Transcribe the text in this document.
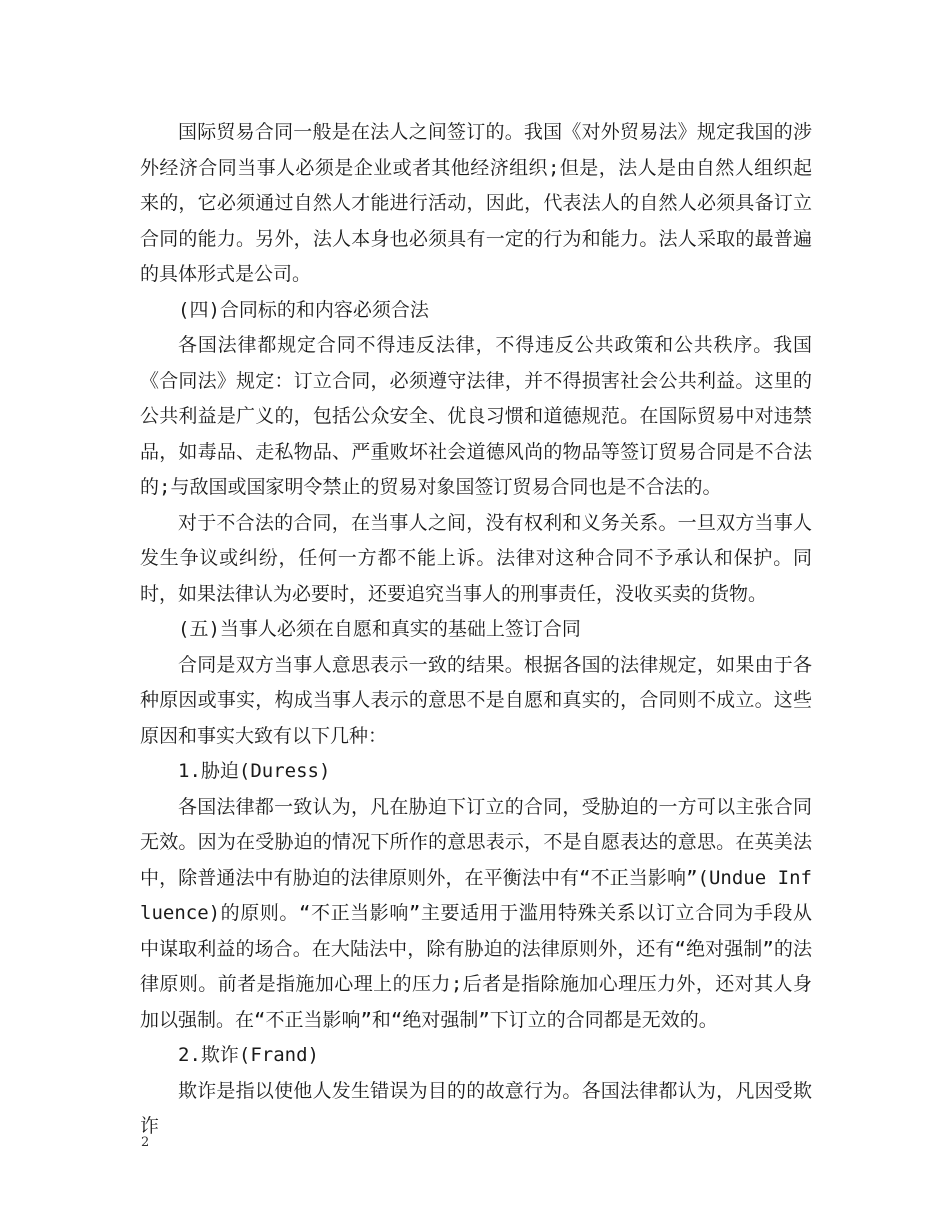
国际贸易合同一般是在法人之间签订的。我国《对外贸易法》规定我国的涉外经济合同当事人必须是企业或者其他经济组织;但是，法人是由自然人组织起来的，它必须通过自然人才能进行活动，因此，代表法人的自然人必须具备订立合同的能力。另外，法人本身也必须具有一定的行为和能力。法人采取的最普遍的具体形式是公司。

(四)合同标的和内容必须合法

各国法律都规定合同不得违反法律，不得违反公共政策和公共秩序。我国《合同法》规定：订立合同，必须遵守法律，并不得损害社会公共利益。这里的公共利益是广义的，包括公众安全、优良习惯和道德规范。在国际贸易中对违禁品，如毒品、走私物品、严重败坏社会道德风尚的物品等签订贸易合同是不合法的;与敌国或国家明令禁止的贸易对象国签订贸易合同也是不合法的。

对于不合法的合同，在当事人之间，没有权利和义务关系。一旦双方当事人发生争议或纠纷，任何一方都不能上诉。法律对这种合同不予承认和保护。同时，如果法律认为必要时，还要追究当事人的刑事责任，没收买卖的货物。

(五)当事人必须在自愿和真实的基础上签订合同

合同是双方当事人意思表示一致的结果。根据各国的法律规定，如果由于各种原因或事实，构成当事人表示的意思不是自愿和真实的，合同则不成立。这些原因和事实大致有以下几种：

1.胁迫(Duress)

各国法律都一致认为，凡在胁迫下订立的合同，受胁迫的一方可以主张合同无效。因为在受胁迫的情况下所作的意思表示，不是自愿表达的意思。在英美法中，除普通法中有胁迫的法律原则外，在平衡法中有“不正当影响”(Undue Influence)的原则。“不正当影响”主要适用于滥用特殊关系以订立合同为手段从中谋取利益的场合。在大陆法中，除有胁迫的法律原则外，还有“绝对强制”的法律原则。前者是指施加心理上的压力;后者是指除施加心理压力外，还对其人身加以强制。在“不正当影响”和“绝对强制”下订立的合同都是无效的。

2.欺诈(Frand)

欺诈是指以使他人发生错误为目的的故意行为。各国法律都认为，凡因受欺诈

2
